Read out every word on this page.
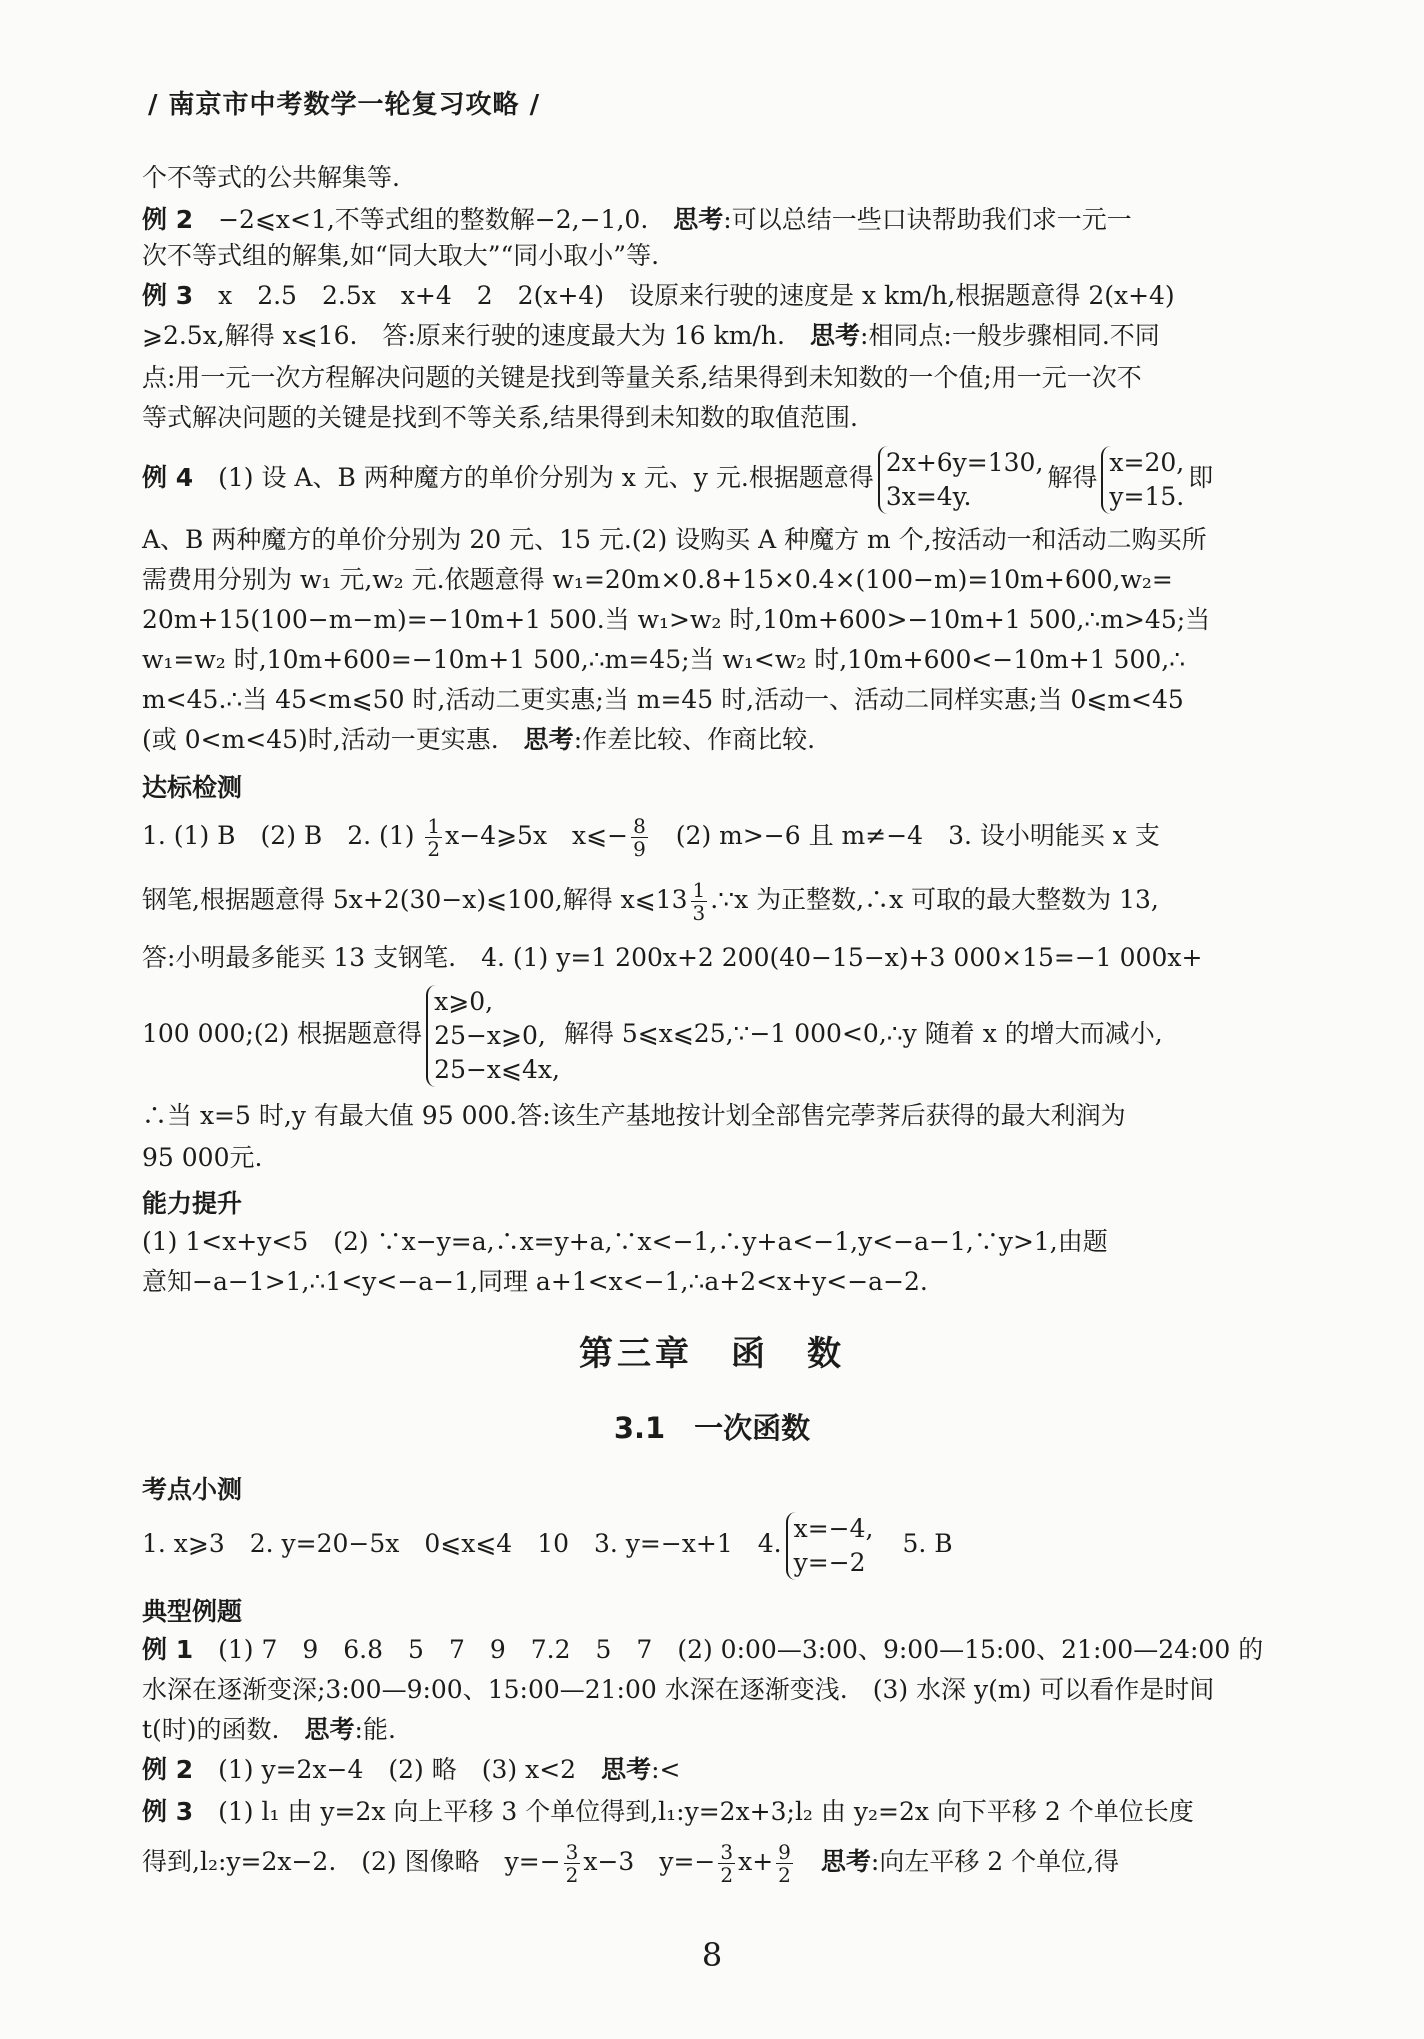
/ 南京市中考数学一轮复习攻略 /
个不等式的公共解集等.
例 2　−2⩽x<1,不等式组的整数解−2,−1,0.　思考:可以总结一些口诀帮助我们求一元一
次不等式组的解集,如“同大取大”“同小取小”等.
例 3　x　2.5　2.5x　x+4　2　2(x+4)　设原来行驶的速度是 x km/h,根据题意得 2(x+4)
⩾2.5x,解得 x⩽16.　答:原来行驶的速度最大为 16 km/h.　思考:相同点:一般步骤相同.不同
点:用一元一次方程解决问题的关键是找到等量关系,结果得到未知数的一个值;用一元一次不
等式解决问题的关键是找到不等关系,结果得到未知数的取值范围.
例 4　(1) 设 A、B 两种魔方的单价分别为 x 元、y 元.根据题意得
2x+6y=130,
3x=4y.
解得
x=20,
y=15.
即
A、B 两种魔方的单价分别为 20 元、15 元.(2) 设购买 A 种魔方 m 个,按活动一和活动二购买所
需费用分别为 w₁ 元,w₂ 元.依题意得 w₁=20m×0.8+15×0.4×(100−m)=10m+600,w₂=
20m+15(100−m−m)=−10m+1 500.当 w₁>w₂ 时,10m+600>−10m+1 500,∴m>45;当
w₁=w₂ 时,10m+600=−10m+1 500,∴m=45;当 w₁<w₂ 时,10m+600<−10m+1 500,∴
m<45.∴当 45<m⩽50 时,活动二更实惠;当 m=45 时,活动一、活动二同样实惠;当 0⩽m<45
(或 0<m<45)时,活动一更实惠.　思考:作差比较、作商比较.
达标检测
1. (1) B　(2) B　2. $(1) \frac{1}{2}$ x−4⩾5x　x⩽− $\frac{8}{9}$ 　(2) m>−6 且 m≠−4　3. 设小明能买 x 支
钢笔,根据题意得 5x+2(30−x)⩽100,解得 x⩽13 $\frac{1}{3}$ .∵x 为正整数,∴x 可取的最大整数为 13,
答:小明最多能买 13 支钢笔.　4. (1) y=1 200x+2 200(40−15−x)+3 000×15=−1 000x+
100 000;(2) 根据题意得
x⩾0,
25−x⩾0,
25−x⩽4x,
解得 5⩽x⩽25,∵−1 000<0,∴y 随着 x 的增大而减小,
∴当 x=5 时,y 有最大值 95 000.答:该生产基地按计划全部售完荸荠后获得的最大利润为
95 000元.
能力提升
(1) 1<x+y<5　(2) ∵x−y=a,∴x=y+a,∵x<−1,∴y+a<−1,y<−a−1,∵y>1,由题
意知−a−1>1,∴1<y<−a−1,同理 a+1<x<−1,∴a+2<x+y<−a−2.
第三章　函　数
3.1　一次函数
考点小测
1. x⩾3　2. y=20−5x　0⩽x⩽4　10　3. y=−x+1　4.
x=−4,
y=−2
　5. B
典型例题
例 1　(1) 7　9　6.8　5　7　9　7.2　5　7　(2) 0:00—3:00、9:00—15:00、21:00—24:00 的
水深在逐渐变深;3:00—9:00、15:00—21:00 水深在逐渐变浅.　(3) 水深 y(m) 可以看作是时间
t(时)的函数.　思考:能.
例 2　(1) y=2x−4　(2) 略　(3) x<2　思考:<
例 3　(1) l₁ 由 y=2x 向上平移 3 个单位得到,l₁:y=2x+3;l₂ 由 y₂=2x 向下平移 2 个单位长度
得到,l₂:y=2x−2.　(2) 图像略　$y=- \frac{3}{2} x-3$　$y=- \frac{3}{2} x+ \frac{9}{2}$
　 思考:向左平移 2 个单位,得
8
